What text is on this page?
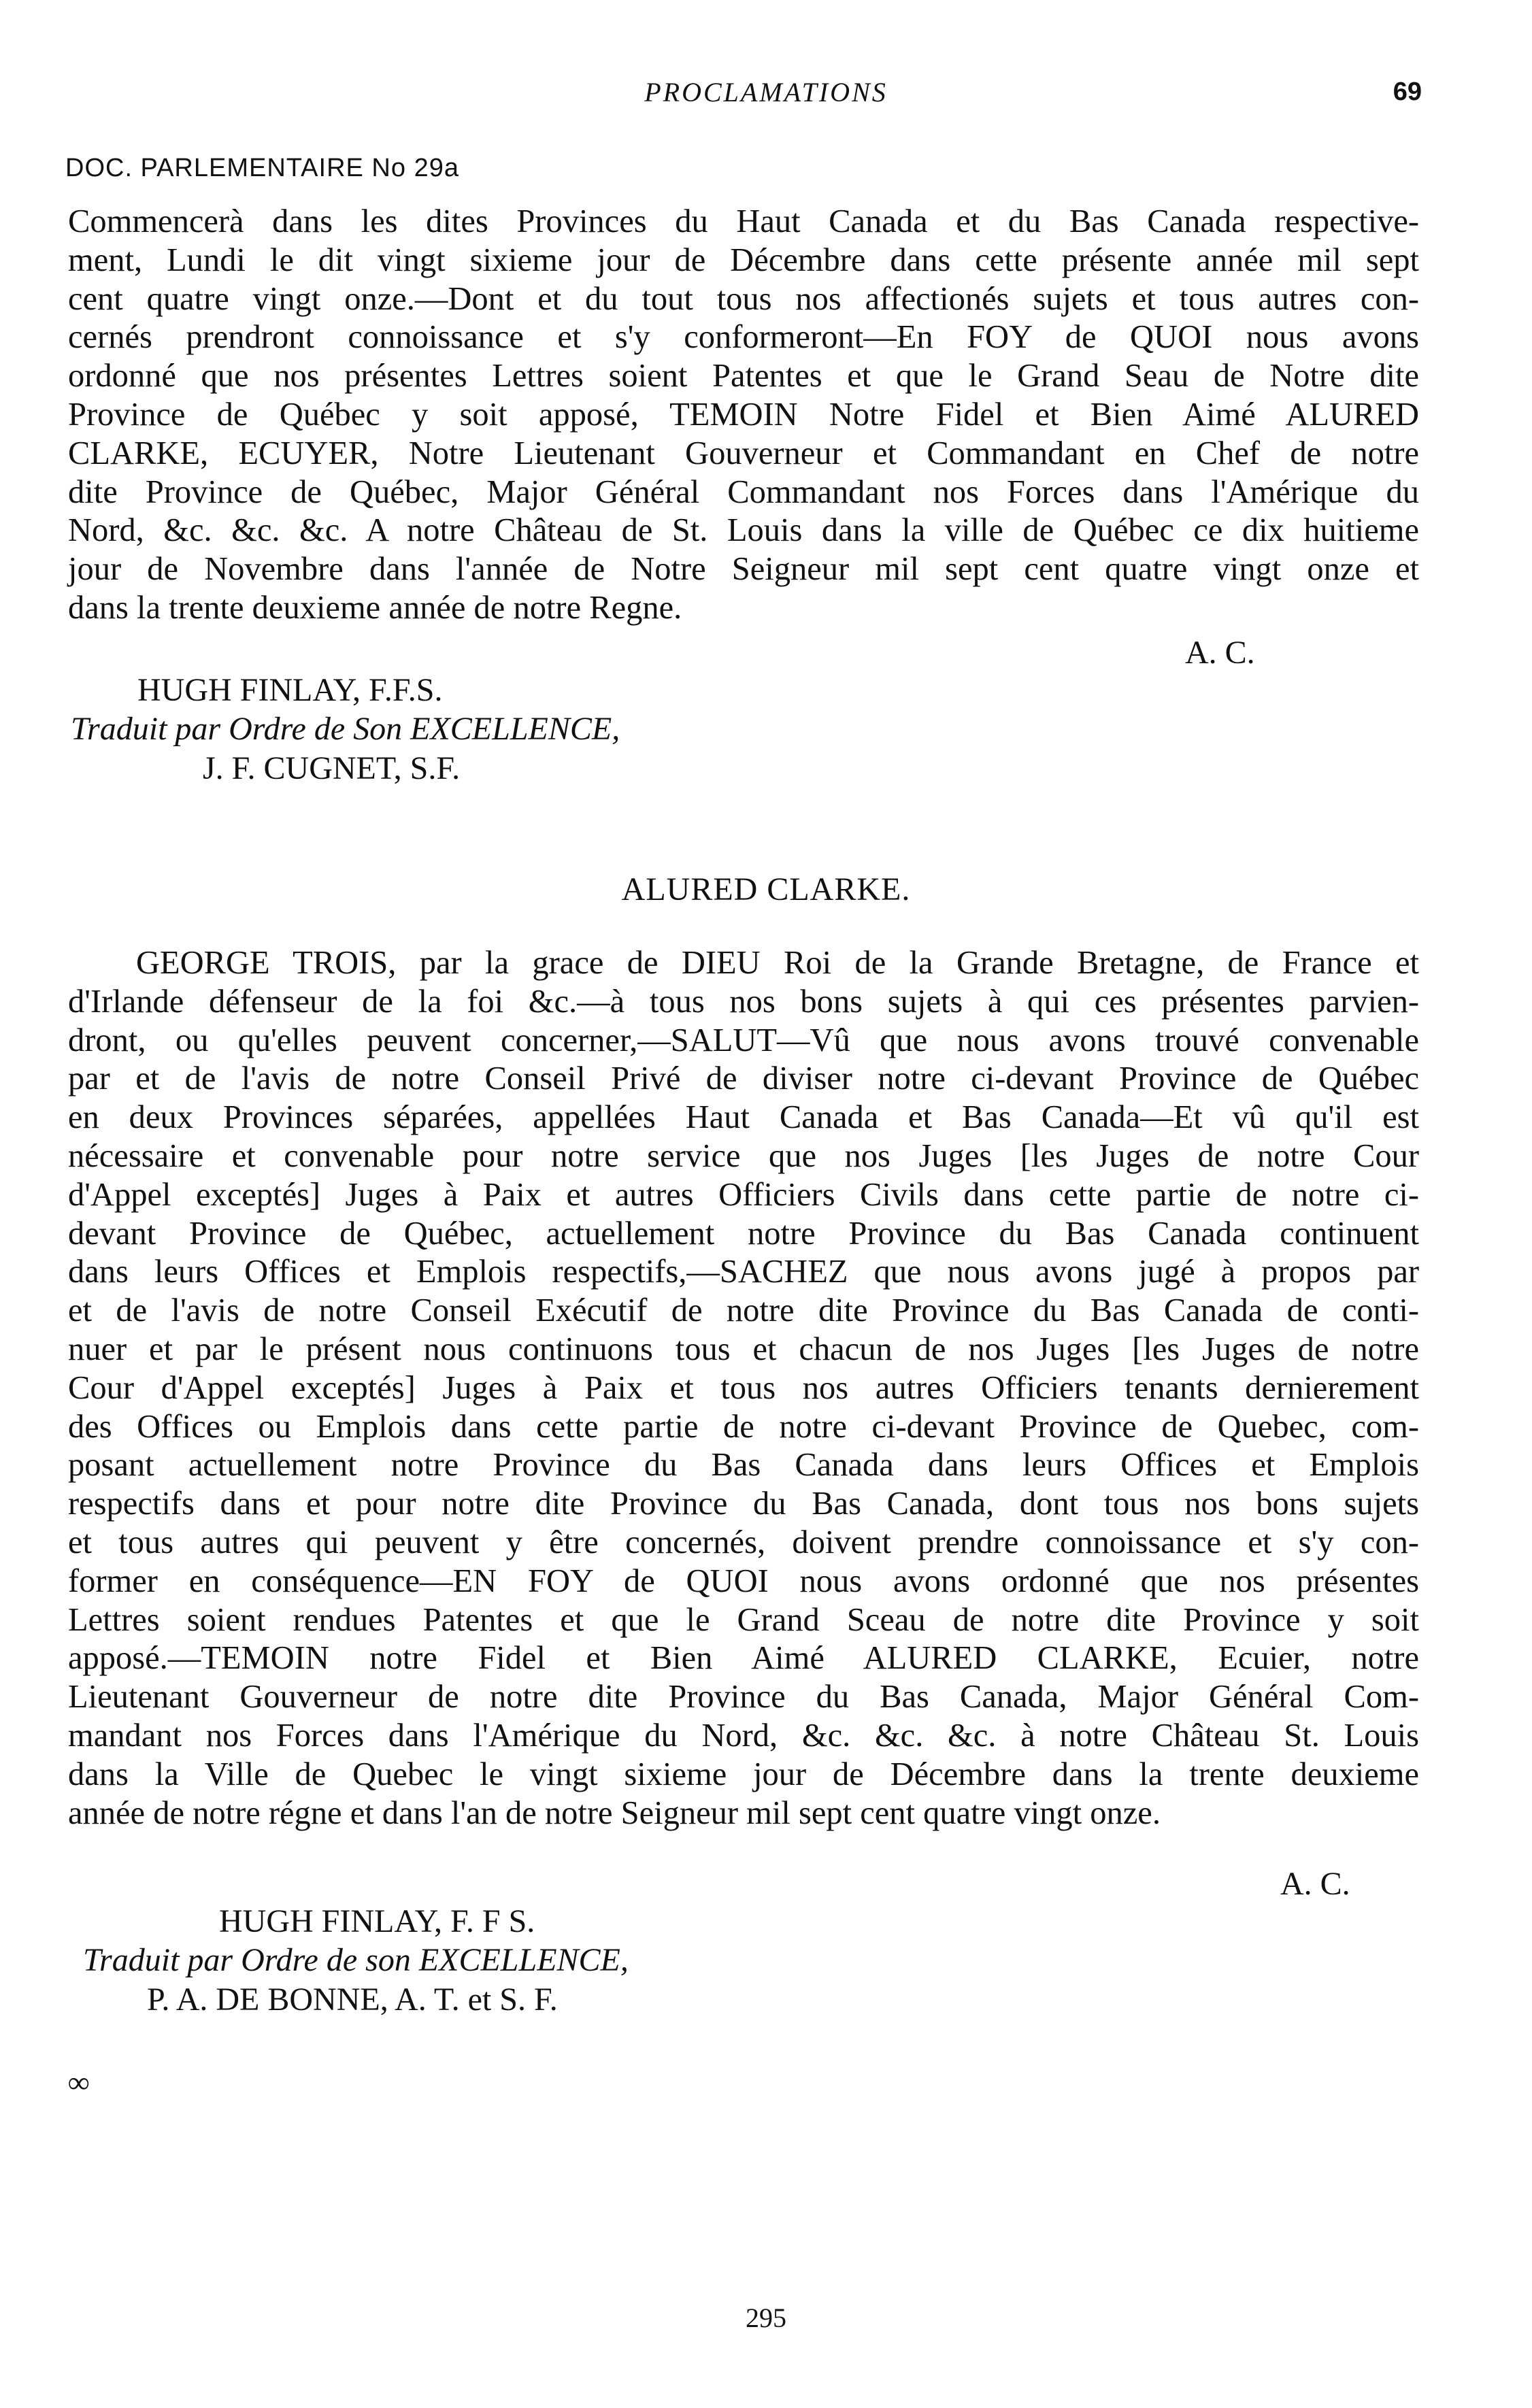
PROCLAMATIONS	69
DOC. PARLEMENTAIRE No 29a
Commencerà dans les dites Provinces du Haut Canada et du Bas Canada respective-
ment, Lundi le dit vingt sixieme jour de Décembre dans cette présente année mil sept
cent quatre vingt onze.—Dont et du tout tous nos affectionés sujets et tous autres con-
cernés prendront connoissance et s'y conformeront—En FOY de QUOI nous avons
ordonné que nos présentes Lettres soient Patentes et que le Grand Seau de Notre dite
Province de Québec y soit apposé, TEMOIN Notre Fidel et Bien Aimé ALURED
CLARKE, ECUYER, Notre Lieutenant Gouverneur et Commandant en Chef de notre
dite Province de Québec, Major Général Commandant nos Forces dans l'Amérique du
Nord, &c. &c. &c. A notre Château de St. Louis dans la ville de Québec ce dix huitieme
jour de Novembre dans l'année de Notre Seigneur mil sept cent quatre vingt onze et
dans la trente deuxieme année de notre Regne.
A. C.
HUGH FINLAY, F.F.S.
Traduit par Ordre de Son EXCELLENCE,
J. F. CUGNET, S.F.
ALURED CLARKE.
GEORGE TROIS, par la grace de DIEU Roi de la Grande Bretagne, de France et
d'Irlande défenseur de la foi &c.—à tous nos bons sujets à qui ces présentes parvien-
dront, ou qu'elles peuvent concerner,—SALUT—Vû que nous avons trouvé convenable
par et de l'avis de notre Conseil Privé de diviser notre ci-devant Province de Québec
en deux Provinces séparées, appellées Haut Canada et Bas Canada—Et vû qu'il est
nécessaire et convenable pour notre service que nos Juges [les Juges de notre Cour
d'Appel exceptés] Juges à Paix et autres Officiers Civils dans cette partie de notre ci-
devant Province de Québec, actuellement notre Province du Bas Canada continuent
dans leurs Offices et Emplois respectifs,—SACHEZ que nous avons jugé à propos par
et de l'avis de notre Conseil Exécutif de notre dite Province du Bas Canada de conti-
nuer et par le présent nous continuons tous et chacun de nos Juges [les Juges de notre
Cour d'Appel exceptés] Juges à Paix et tous nos autres Officiers tenants dernierement
des Offices ou Emplois dans cette partie de notre ci-devant Province de Quebec, com-
posant actuellement notre Province du Bas Canada dans leurs Offices et Emplois
respectifs dans et pour notre dite Province du Bas Canada, dont tous nos bons sujets
et tous autres qui peuvent y être concernés, doivent prendre connoissance et s'y con-
former en conséquence—EN FOY de QUOI nous avons ordonné que nos présentes
Lettres soient rendues Patentes et que le Grand Sceau de notre dite Province y soit
apposé.—TEMOIN notre Fidel et Bien Aimé ALURED CLARKE, Ecuier, notre
Lieutenant Gouverneur de notre dite Province du Bas Canada, Major Général Com-
mandant nos Forces dans l'Amérique du Nord, &c. &c. &c. à notre Château St. Louis
dans la Ville de Quebec le vingt sixieme jour de Décembre dans la trente deuxieme
année de notre régne et dans l'an de notre Seigneur mil sept cent quatre vingt onze.
A. C.
HUGH FINLAY, F. F S.
Traduit par Ordre de son EXCELLENCE,
P. A. DE BONNE, A. T. et S. F.
∞
295
